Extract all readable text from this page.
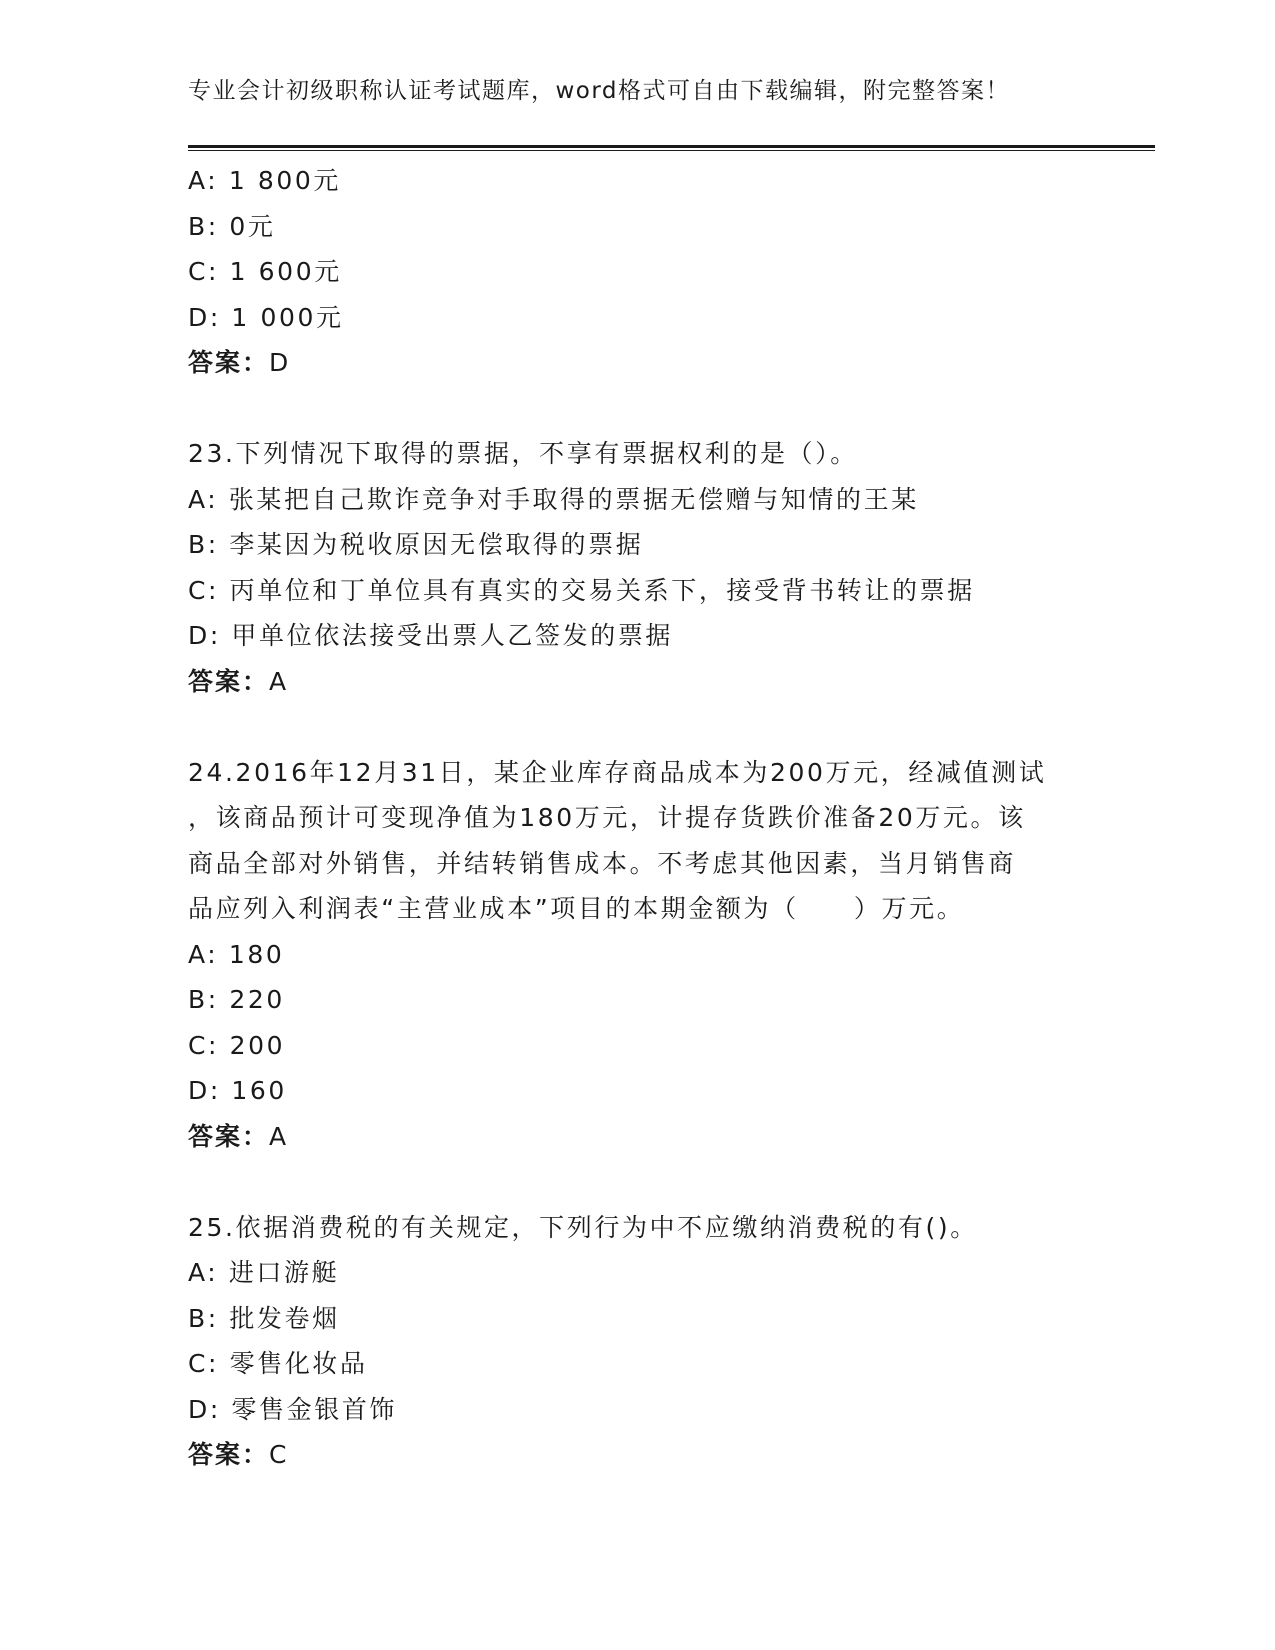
专业会计初级职称认证考试题库，word格式可自由下载编辑，附完整答案！
A: 1 800元
B: 0元
C: 1 600元
D: 1 000元
答案：D
23.下列情况下取得的票据，不享有票据权利的是（）。
A: 张某把自己欺诈竞争对手取得的票据无偿赠与知情的王某
B: 李某因为税收原因无偿取得的票据
C: 丙单位和丁单位具有真实的交易关系下，接受背书转让的票据
D: 甲单位依法接受出票人乙签发的票据
答案：A
24.2016年12月31日，某企业库存商品成本为200万元，经减值测试
，该商品预计可变现净值为180万元，计提存货跌价准备20万元。该
商品全部对外销售，并结转销售成本。不考虑其他因素，当月销售商
品应列入利润表“主营业成本”项目的本期金额为（　　）万元。
A: 180
B: 220
C: 200
D: 160
答案：A
25.依据消费税的有关规定，下列行为中不应缴纳消费税的有()。
A: 进口游艇
B: 批发卷烟
C: 零售化妆品
D: 零售金银首饰
答案：C
